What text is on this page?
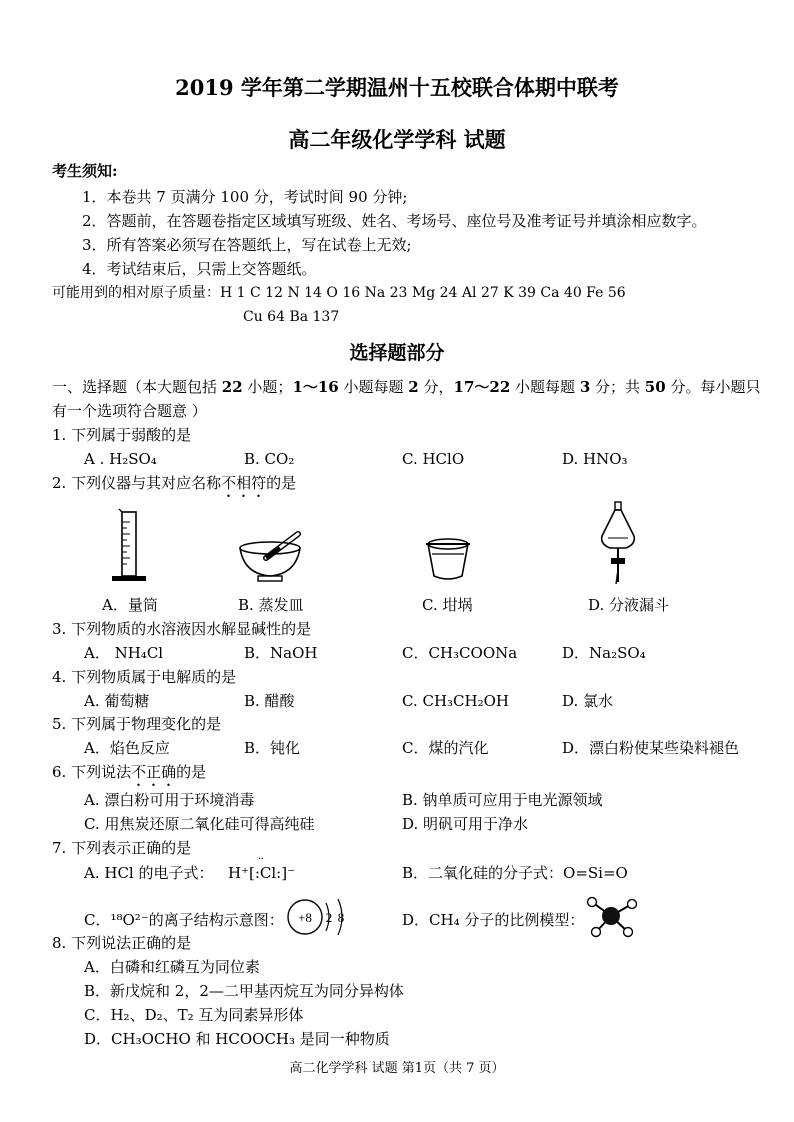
2019 学年第二学期温州十五校联合体期中联考
高二年级化学学科 试题
考生须知:
1．本卷共 7 页满分 100 分，考试时间 90 分钟;
2．答题前，在答题卷指定区域填写班级、姓名、考场号、座位号及准考证号并填涂相应数字。
3．所有答案必须写在答题纸上，写在试卷上无效;
4．考试结束后，只需上交答题纸。
可能用到的相对原子质量：H 1 C 12 N 14 O 16 Na 23 Mg 24 Al 27 K 39 Ca 40 Fe 56
Cu 64 Ba 137
选择题部分
一、选择题（本大题包括 22 小题；1～16 小题每题 2 分，17～22 小题每题 3 分；共 50 分。每小题只
有一个选项符合题意 ）
1. 下列属于弱酸的是
A . H₂SO₄	B. CO₂	C. HClO	D. HNO₃
2. 下列仪器与其对应名称不相符的是
A．量筒	B. 蒸发皿	C. 坩埚	D. 分液漏斗
3. 下列物质的水溶液因水解显碱性的是
A． NH₄Cl	B．NaOH	C．CH₃COONa	D．Na₂SO₄
4. 下列物质属于电解质的是
A. 葡萄糖	B. 醋酸	C. CH₃CH₂OH	D. 氯水
5. 下列属于物理变化的是
A．焰色反应	B．钝化	C．煤的汽化	D．漂白粉使某些染料褪色
6. 下列说法不正确的是
A. 漂白粉可用于环境消毒	B. 钠单质可应用于电光源领域
C. 用焦炭还原二氧化硅可得高纯硅	D. 明矾可用于净水
7. 下列表示正确的是
A. HCl 的电子式： H⁺[:Cl:]⁻
··
B．二氧化硅的分子式：O=Si=O
C．¹⁸O²⁻的离子结构示意图： +8 2 8	D．CH₄ 分子的比例模型：
8. 下列说法正确的是
A．白磷和红磷互为同位素
B．新戊烷和 2，2—二甲基丙烷互为同分异构体
C．H₂、D₂、T₂ 互为同素异形体
D．CH₃OCHO 和 HCOOCH₃ 是同一种物质
高二化学学科 试题 第1页（共 7 页）
